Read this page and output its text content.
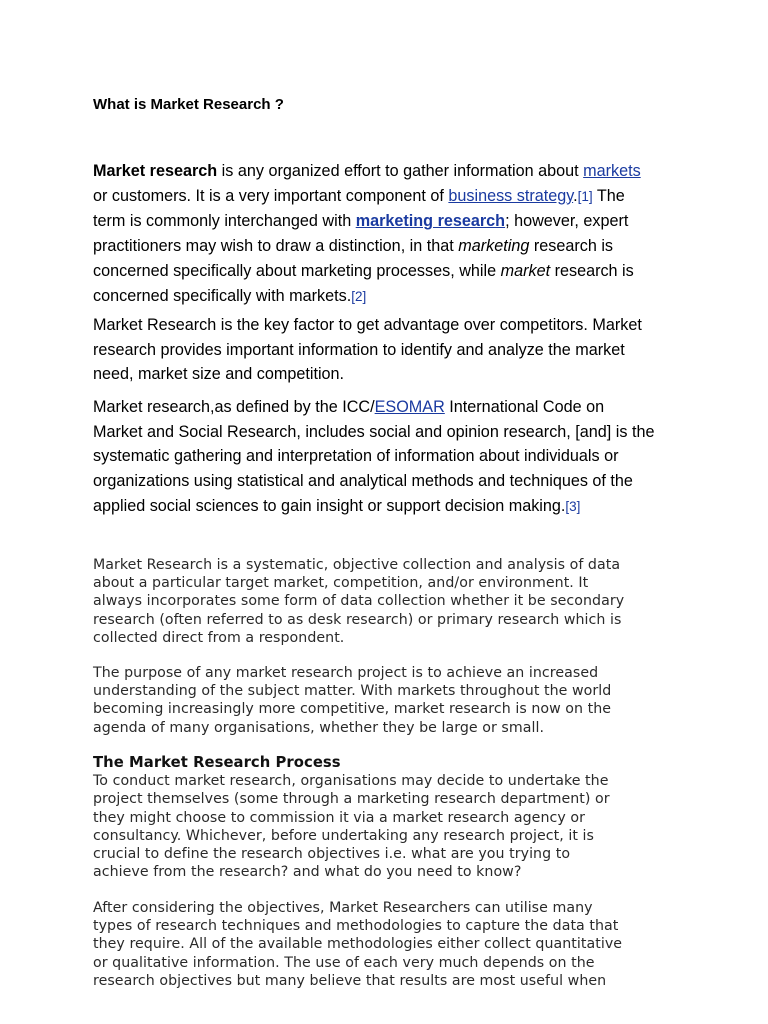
What is Market Research ?
Market research is any organized effort to gather information about markets
or customers. It is a very important component of business strategy.[1] The
term is commonly interchanged with marketing research; however, expert
practitioners may wish to draw a distinction, in that marketing research is
concerned specifically about marketing processes, while market research is
concerned specifically with markets.[2]
Market Research is the key factor to get advantage over competitors. Market
research provides important information to identify and analyze the market
need, market size and competition.
Market research,as defined by the ICC/ESOMAR International Code on
Market and Social Research, includes social and opinion research, [and] is the
systematic gathering and interpretation of information about individuals or
organizations using statistical and analytical methods and techniques of the
applied social sciences to gain insight or support decision making.[3]
Market Research is a systematic, objective collection and analysis of data
about a particular target market, competition, and/or environment. It
always incorporates some form of data collection whether it be secondary
research (often referred to as desk research) or primary research which is
collected direct from a respondent.
The purpose of any market research project is to achieve an increased
understanding of the subject matter. With markets throughout the world
becoming increasingly more competitive, market research is now on the
agenda of many organisations, whether they be large or small.
The Market Research Process
To conduct market research, organisations may decide to undertake the
project themselves (some through a marketing research department) or
they might choose to commission it via a market research agency or
consultancy. Whichever, before undertaking any research project, it is
crucial to define the research objectives i.e. what are you trying to
achieve from the research? and what do you need to know?
After considering the objectives, Market Researchers can utilise many
types of research techniques and methodologies to capture the data that
they require. All of the available methodologies either collect quantitative
or qualitative information. The use of each very much depends on the
research objectives but many believe that results are most useful when
